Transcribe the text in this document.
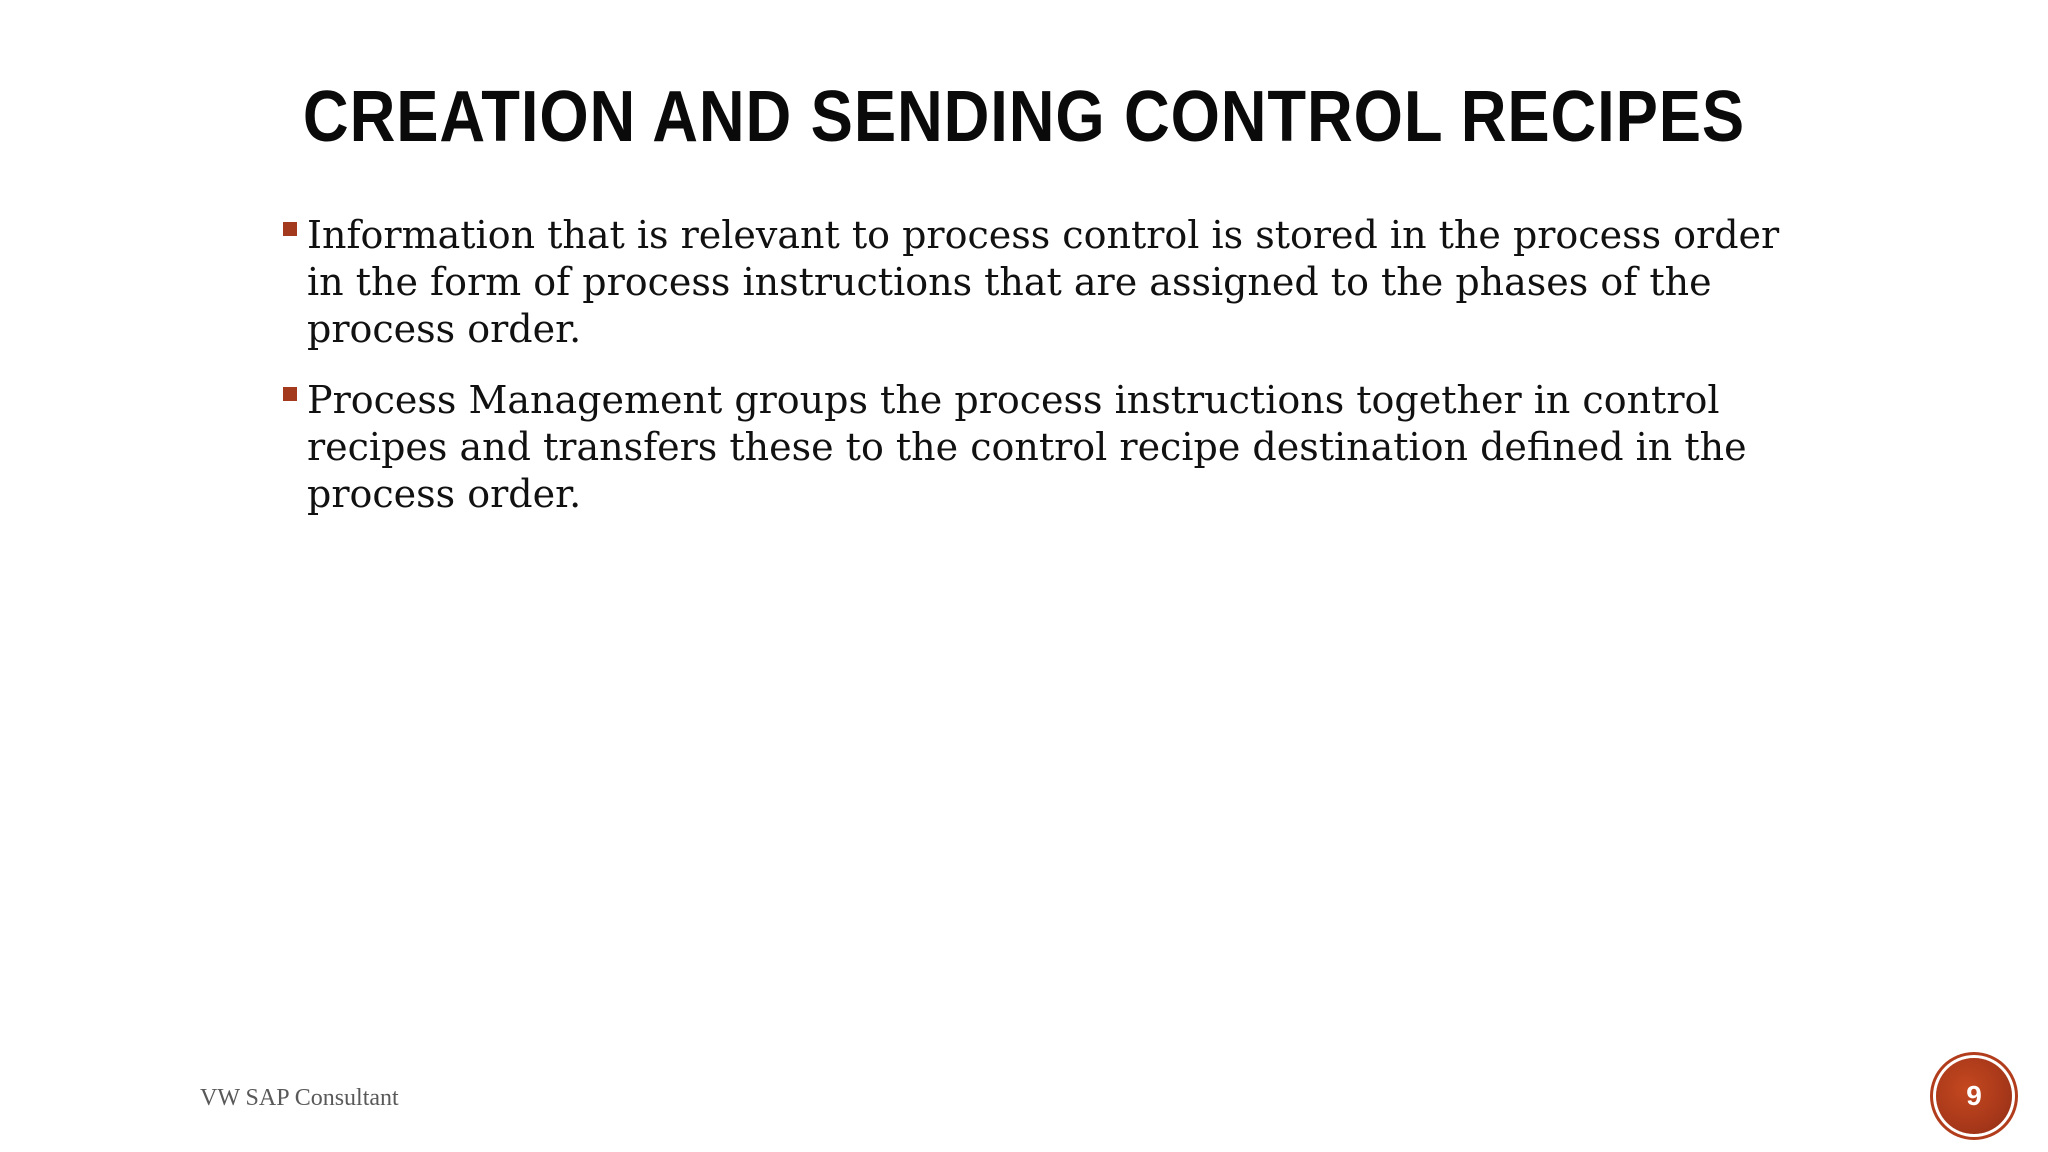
CREATION AND SENDING CONTROL RECIPES
Information that is relevant to process control is stored in the process order in the form of process instructions that are assigned to the phases of the process order.
Process Management groups the process instructions together in control recipes and transfers these to the control recipe destination defined in the process order.
VW SAP Consultant	9
